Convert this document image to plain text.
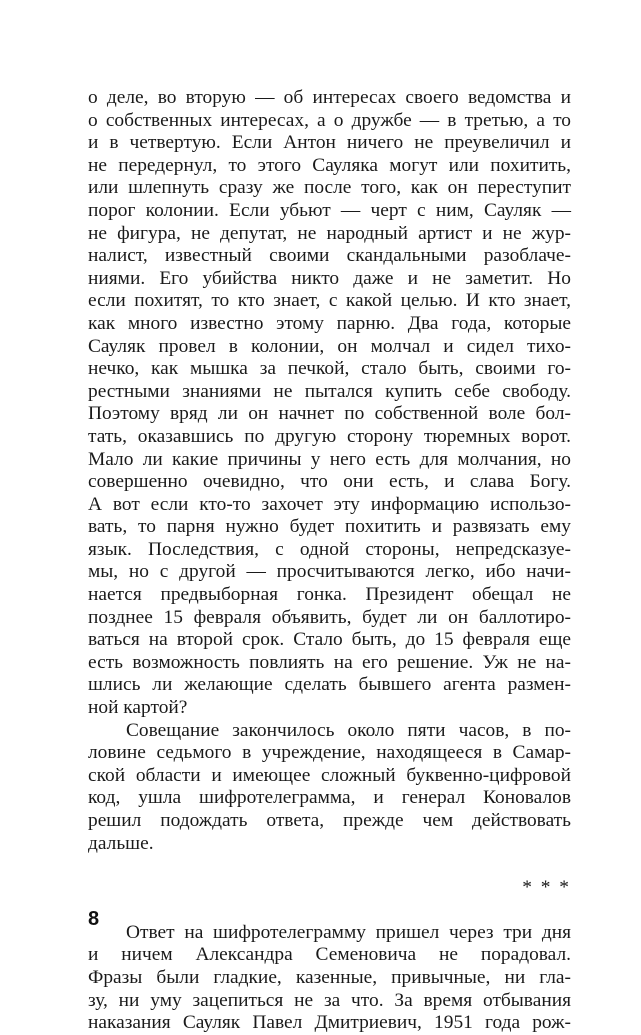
о деле, во вторую — об интересах своего ведомства и
о собственных интересах, а о дружбе — в третью, а то
и в четвертую. Если Антон ничего не преувеличил и
не передернул, то этого Сауляка могут или похитить,
или шлепнуть сразу же после того, как он переступит
порог колонии. Если убьют — черт с ним, Сауляк —
не фигура, не депутат, не народный артист и не жур-
налист, известный своими скандальными разоблаче-
ниями. Его убийства никто даже и не заметит. Но
если похитят, то кто знает, с какой целью. И кто знает,
как много известно этому парню. Два года, которые
Сауляк провел в колонии, он молчал и сидел тихо-
нечко, как мышка за печкой, стало быть, своими го-
рестными знаниями не пытался купить себе свободу.
Поэтому вряд ли он начнет по собственной воле бол-
тать, оказавшись по другую сторону тюремных ворот.
Мало ли какие причины у него есть для молчания, но
совершенно очевидно, что они есть, и слава Богу.
А вот если кто-то захочет эту информацию использо-
вать, то парня нужно будет похитить и развязать ему
язык. Последствия, с одной стороны, непредсказуе-
мы, но с другой — просчитываются легко, ибо начи-
нается предвыборная гонка. Президент обещал не
позднее 15 февраля объявить, будет ли он баллотиро-
ваться на второй срок. Стало быть, до 15 февраля еще
есть возможность повлиять на его решение. Уж не на-
шлись ли желающие сделать бывшего агента размен-
ной картой?
Совещание закончилось около пяти часов, в по-
ловине седьмого в учреждение, находящееся в Самар-
ской области и имеющее сложный буквенно-цифровой
код, ушла шифротелеграмма, и генерал Коновалов
решил подождать ответа, прежде чем действовать
дальше.
* * *
Ответ на шифротелеграмму пришел через три дня
и ничем Александра Семеновича не порадовал.
Фразы были гладкие, казенные, привычные, ни гла-
зу, ни уму зацепиться не за что. За время отбывания
наказания Сауляк Павел Дмитриевич, 1951 года рож-
8
